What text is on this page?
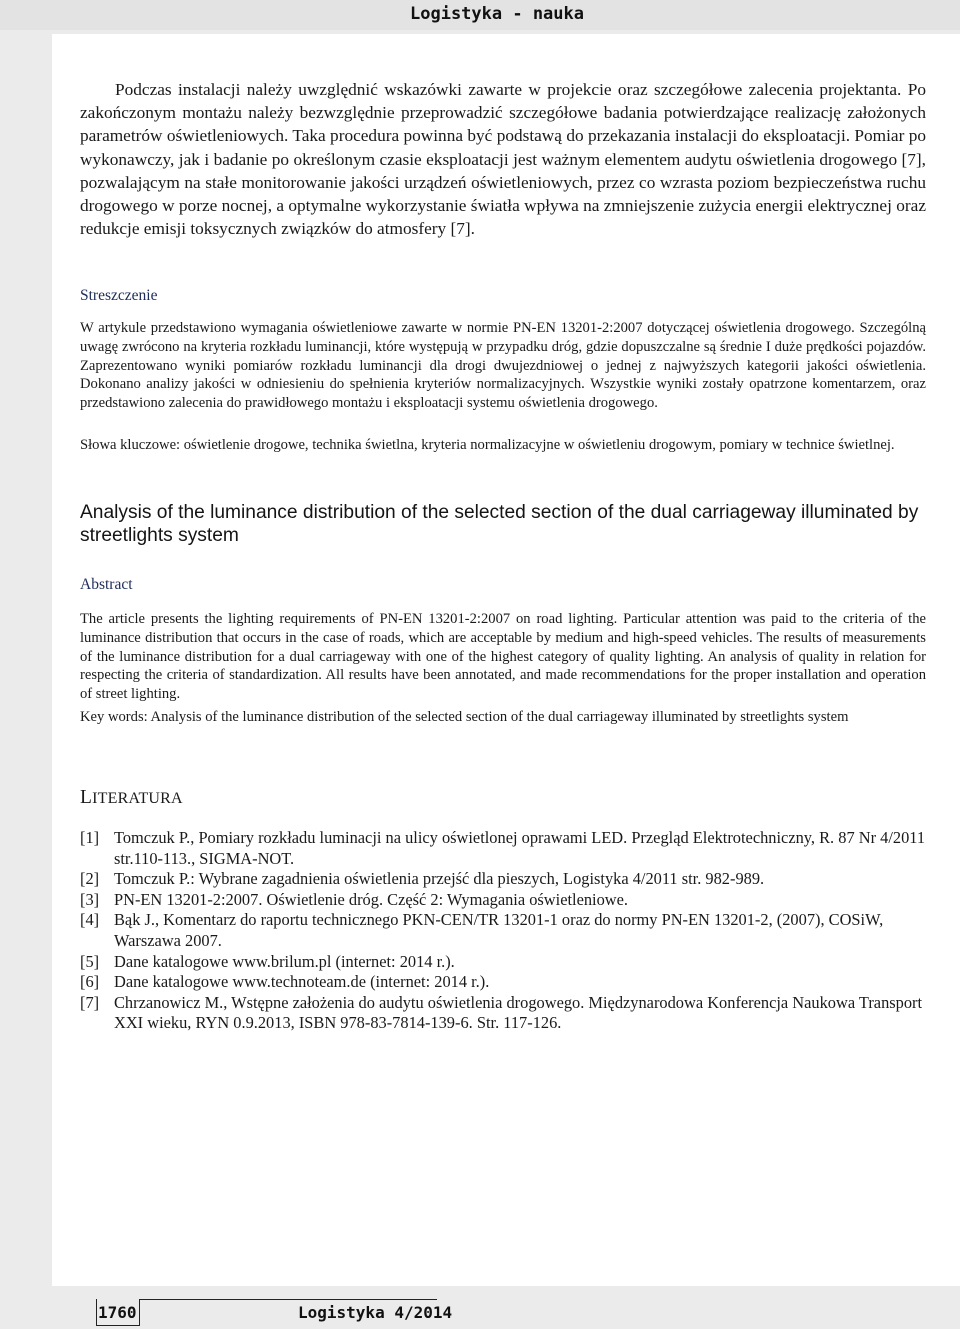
Logistyka - nauka
Podczas instalacji należy uwzględnić wskazówki zawarte w projekcie oraz szczegółowe zalecenia projektanta. Po zakończonym montażu należy bezwzględnie przeprowadzić szczegółowe badania potwierdzające realizację założonych parametrów oświetleniowych. Taka procedura powinna być podstawą do przekazania instalacji do eksploatacji. Pomiar po wykonawczy, jak i badanie po określonym czasie eksploatacji jest ważnym elementem audytu oświetlenia drogowego [7], pozwalającym na stałe monitorowanie jakości urządzeń oświetleniowych, przez co wzrasta poziom bezpieczeństwa ruchu drogowego w porze nocnej, a optymalne wykorzystanie światła wpływa na zmniejszenie zużycia energii elektrycznej oraz redukcje emisji toksycznych związków do atmosfery [7].
Streszczenie

W artykule przedstawiono wymagania oświetleniowe zawarte w normie PN-EN 13201-2:2007 dotyczącej oświetlenia drogowego. Szczególną uwagę zwrócono na kryteria rozkładu luminancji, które występują w przypadku dróg, gdzie dopuszczalne są średnie I duże prędkości pojazdów. Zaprezentowano wyniki pomiarów rozkładu luminancji dla drogi dwujezdniowej o jednej z najwyższych kategorii jakości oświetlenia. Dokonano analizy jakości w odniesieniu do spełnienia kryteriów normalizacyjnych. Wszystkie wyniki zostały opatrzone komentarzem, oraz przedstawiono zalecenia do prawidłowego montażu i eksploatacji systemu oświetlenia drogowego.

Słowa kluczowe: oświetlenie drogowe, technika świetlna, kryteria normalizacyjne w oświetleniu drogowym, pomiary w technice świetlnej.

Analysis of the luminance distribution of the selected section of the dual carriageway illuminated by streetlights system
Abstract

The article presents the lighting requirements of PN-EN 13201-2:2007 on road lighting. Particular attention was paid to the criteria of the luminance distribution that occurs in the case of roads, which are acceptable by medium and high-speed vehicles. The results of measurements of the luminance distribution for a dual carriageway with one of the highest category of quality lighting. An analysis of quality in relation for respecting the criteria of standardization. All results have been annotated, and made recommendations for the proper installation and operation of street lighting.

Key words: Analysis of the luminance distribution of the selected section of the dual carriageway illuminated by streetlights system

LITERATURA

[1] Tomczuk P., Pomiary rozkładu luminacji na ulicy oświetlonej oprawami LED. Przegląd Elektrotechniczny, R. 87 Nr 4/2011 str.110-113., SIGMA-NOT.

[2] Tomczuk P.: Wybrane zagadnienia oświetlenia przejść dla pieszych, Logistyka 4/2011 str. 982-989.

[3] PN-EN 13201-2:2007. Oświetlenie dróg. Część 2: Wymagania oświetleniowe.

[4] Bąk J., Komentarz do raportu technicznego PKN-CEN/TR 13201-1 oraz do normy PN-EN 13201-2, (2007), COSiW, Warszawa 2007.

[5] Dane katalogowe www.brilum.pl (internet: 2014 r.).

[6] Dane katalogowe www.technoteam.de (internet: 2014 r.).

[7] Chrzanowicz M., Wstępne założenia do audytu oświetlenia drogowego. Międzynarodowa Konferencja Naukowa Transport XXI wieku, RYN 0.9.2013, ISBN 978-83-7814-139-6. Str. 117-126.

1760	Logistyka 4/2014
